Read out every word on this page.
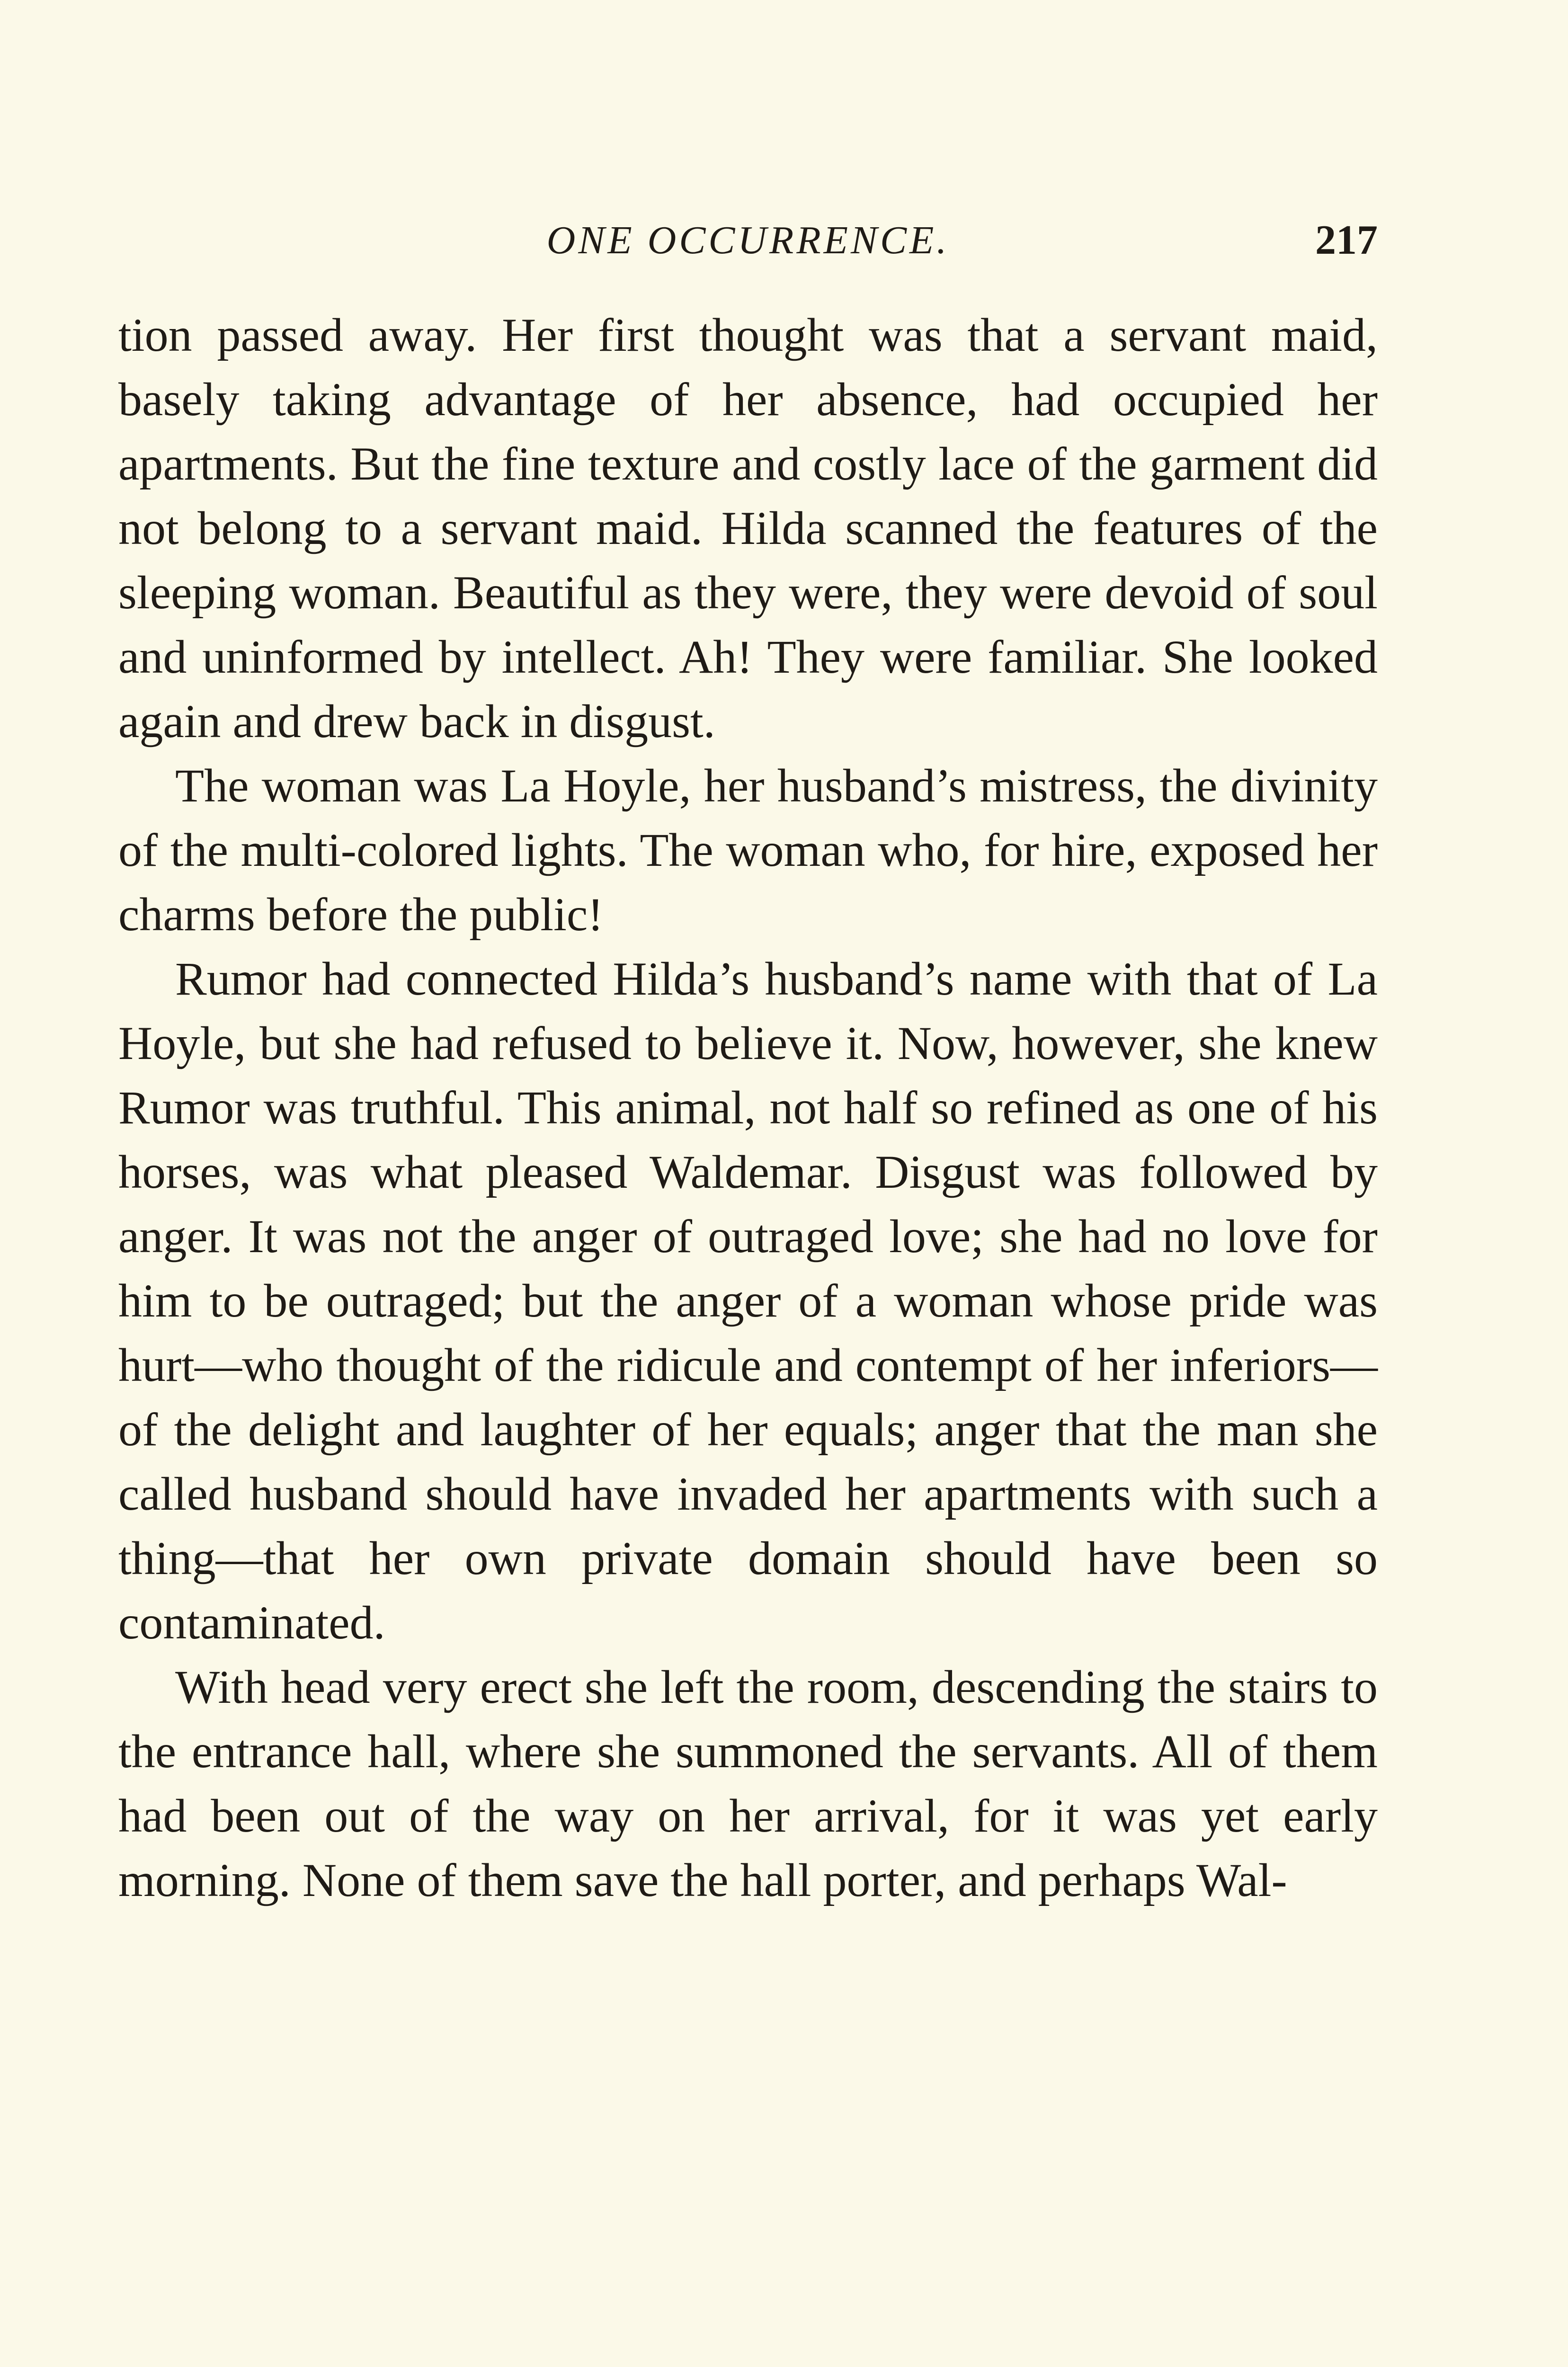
ONE OCCURRENCE.	217

tion passed away. Her first thought was that a servant maid, basely taking advantage of her absence, had occupied her apartments. But the fine texture and costly lace of the garment did not belong to a servant maid. Hilda scanned the features of the sleeping woman. Beautiful as they were, they were devoid of soul and uninformed by intellect. Ah! They were familiar. She looked again and drew back in disgust.

The woman was La Hoyle, her husband’s mistress, the divinity of the multi-colored lights. The woman who, for hire, exposed her charms before the public!

Rumor had connected Hilda’s husband’s name with that of La Hoyle, but she had refused to believe it. Now, however, she knew Rumor was truthful. This animal, not half so refined as one of his horses, was what pleased Waldemar. Disgust was followed by anger. It was not the anger of outraged love; she had no love for him to be outraged; but the anger of a woman whose pride was hurt—who thought of the ridicule and contempt of her inferiors—of the delight and laughter of her equals; anger that the man she called husband should have invaded her apartments with such a thing—that her own private domain should have been so contaminated.

With head very erect she left the room, descending the stairs to the entrance hall, where she summoned the servants. All of them had been out of the way on her arrival, for it was yet early morning. None of them save the hall porter, and perhaps Wal-
